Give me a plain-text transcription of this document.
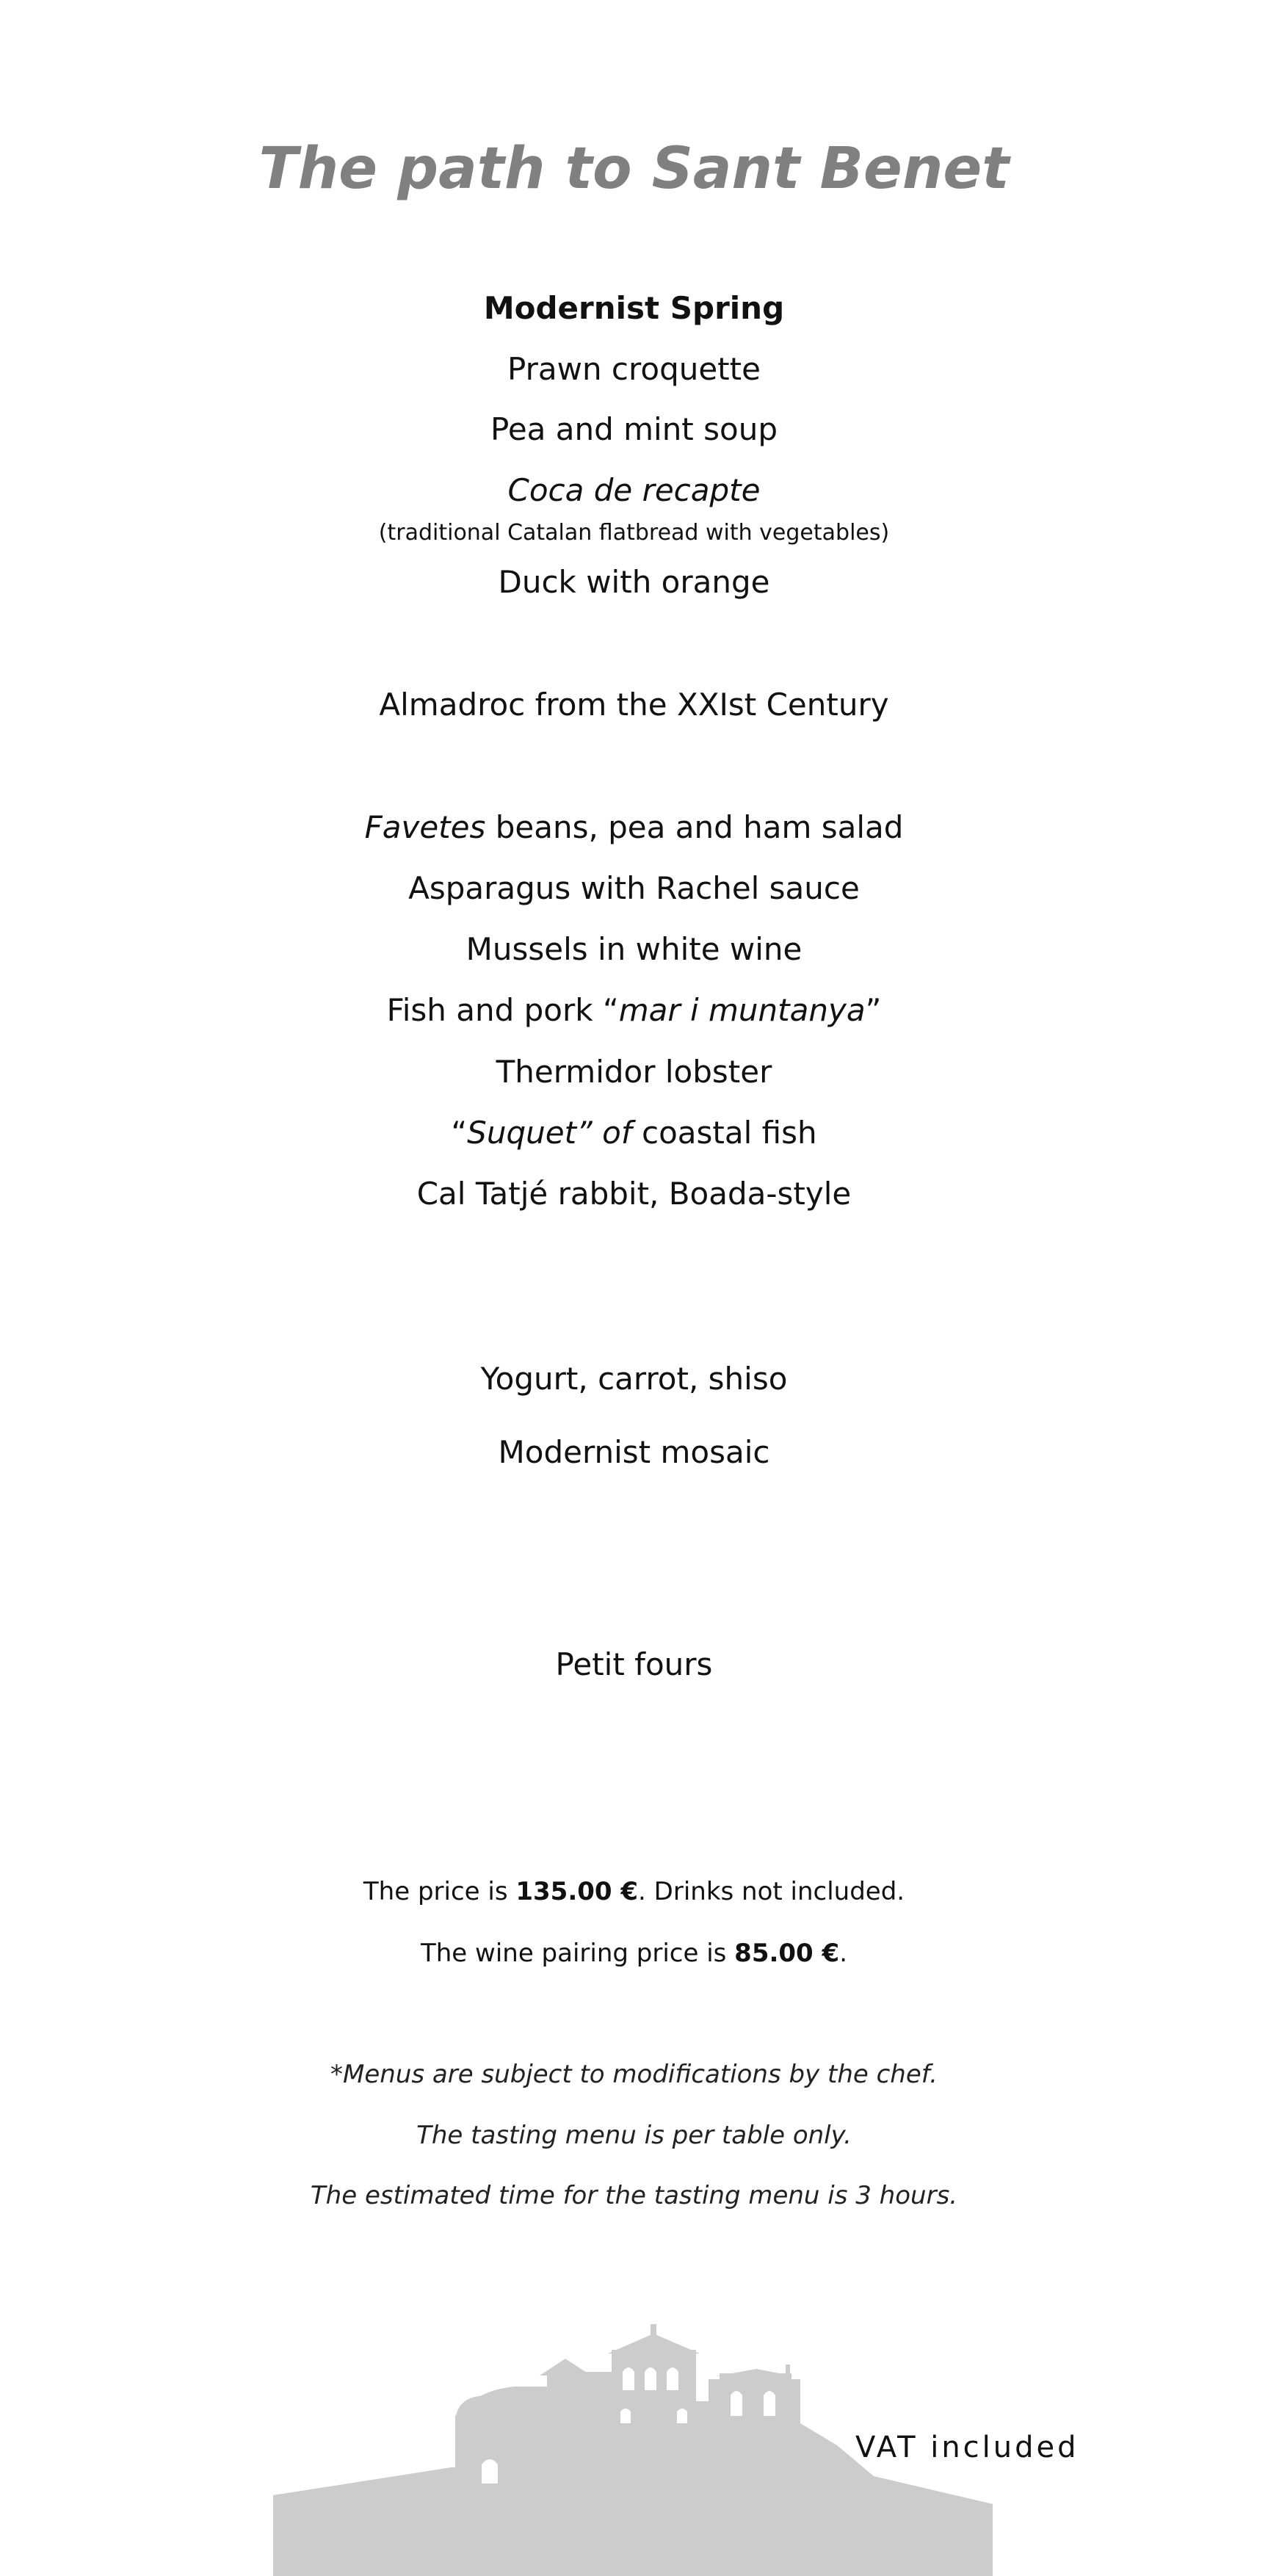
The path to Sant Benet
Modernist Spring
Prawn croquette
Pea and mint soup
Coca de recapte
(traditional Catalan flatbread with vegetables)
Duck with orange
Almadroc from the XXIst Century
Favetes beans, pea and ham salad
Asparagus with Rachel sauce
Mussels in white wine
Fish and pork “mar i muntanya”
Thermidor lobster
“Suquet” of coastal fish
Cal Tatjé rabbit, Boada-style
Yogurt, carrot, shiso
Modernist mosaic
Petit fours
The price is 135.00 €. Drinks not included.
The wine pairing price is 85.00 €.
*Menus are subject to modifications by the chef.
The tasting menu is per table only.
The estimated time for the tasting menu is 3 hours.
VAT included
